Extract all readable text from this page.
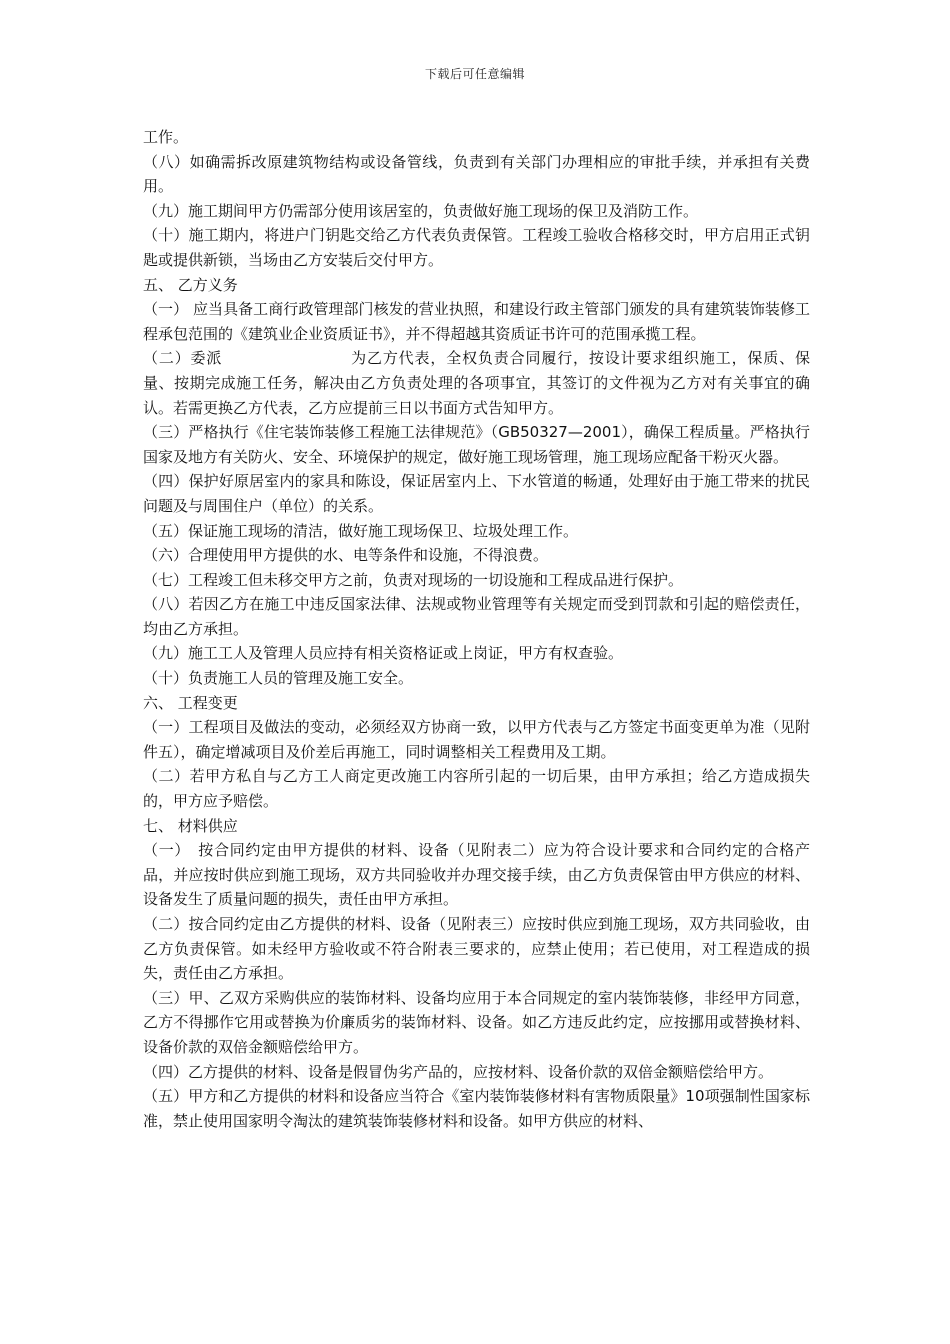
下载后可任意编辑

工作。

（八）如确需拆改原建筑物结构或设备管线，负责到有关部门办理相应的审批手续，并承担有关费用。

（九）施工期间甲方仍需部分使用该居室的，负责做好施工现场的保卫及消防工作。

（十）施工期内，将进户门钥匙交给乙方代表负责保管。工程竣工验收合格移交时，甲方启用正式钥匙或提供新锁，当场由乙方安装后交付甲方。

五、 乙方义务

（一） 应当具备工商行政管理部门核发的营业执照，和建设行政主管部门颁发的具有建筑装饰装修工程承包范围的《建筑业企业资质证书》，并不得超越其资质证书许可的范围承揽工程。

（二）委派	为乙方代表，全权负责合同履行，按设计要求组织施工，保质、保量、按期完成施工任务，解决由乙方负责处理的各项事宜，其签订的文件视为乙方对有关事宜的确认。若需更换乙方代表，乙方应提前三日以书面方式告知甲方。

（三）严格执行《住宅装饰装修工程施工法律规范》（GB50327—2001），确保工程质量。严格执行国家及地方有关防火、安全、环境保护的规定，做好施工现场管理，施工现场应配备干粉灭火器。

（四）保护好原居室内的家具和陈设，保证居室内上、下水管道的畅通，处理好由于施工带来的扰民问题及与周围住户（单位）的关系。

（五）保证施工现场的清洁，做好施工现场保卫、垃圾处理工作。

（六）合理使用甲方提供的水、电等条件和设施，不得浪费。

（七）工程竣工但未移交甲方之前，负责对现场的一切设施和工程成品进行保护。

（八）若因乙方在施工中违反国家法律、法规或物业管理等有关规定而受到罚款和引起的赔偿责任，均由乙方承担。

（九）施工工人及管理人员应持有相关资格证或上岗证，甲方有权查验。

（十）负责施工人员的管理及施工安全。

六、 工程变更

（一）工程项目及做法的变动，必须经双方协商一致，以甲方代表与乙方签定书面变更单为准（见附件五），确定增减项目及价差后再施工，同时调整相关工程费用及工期。

（二）若甲方私自与乙方工人商定更改施工内容所引起的一切后果，由甲方承担；给乙方造成损失的，甲方应予赔偿。

七、 材料供应

（一）　按合同约定由甲方提供的材料、设备（见附表二）应为符合设计要求和合同约定的合格产品，并应按时供应到施工现场，双方共同验收并办理交接手续，由乙方负责保管由甲方供应的材料、设备发生了质量问题的损失，责任由甲方承担。

（二）按合同约定由乙方提供的材料、设备（见附表三）应按时供应到施工现场，双方共同验收，由乙方负责保管。如未经甲方验收或不符合附表三要求的，应禁止使用；若已使用，对工程造成的损失，责任由乙方承担。

（三）甲、乙双方采购供应的装饰材料、设备均应用于本合同规定的室内装饰装修，非经甲方同意，乙方不得挪作它用或替换为价廉质劣的装饰材料、设备。如乙方违反此约定，应按挪用或替换材料、设备价款的双倍金额赔偿给甲方。

（四）乙方提供的材料、设备是假冒伪劣产品的，应按材料、设备价款的双倍金额赔偿给甲方。

（五）甲方和乙方提供的材料和设备应当符合《室内装饰装修材料有害物质限量》10项强制性国家标准，禁止使用国家明令淘汰的建筑装饰装修材料和设备。如甲方供应的材料、
